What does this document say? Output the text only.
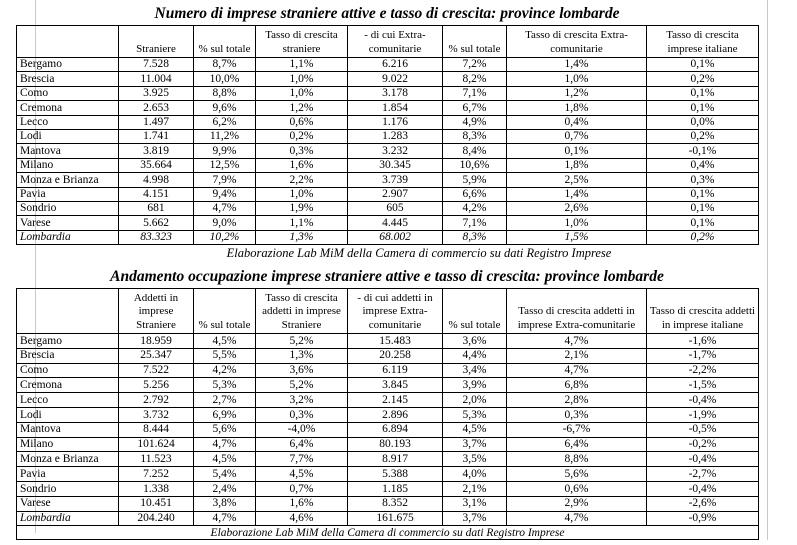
Numero di imprese straniere attive e tasso di crescita: province lombarde
	Straniere	% sul totale	Tasso di crescita straniere	- di cui Extra-comunitarie	% sul totale	Tasso di crescita Extra-comunitarie	Tasso di crescita imprese italiane
Bergamo	7.528	8,7%	1,1%	6.216	7,2%	1,4%	0,1%
Brescia	11.004	10,0%	1,0%	9.022	8,2%	1,0%	0,2%
Como	3.925	8,8%	1,0%	3.178	7,1%	1,2%	0,1%
Cremona	2.653	9,6%	1,2%	1.854	6,7%	1,8%	0,1%
Lecco	1.497	6,2%	0,6%	1.176	4,9%	0,4%	0,0%
Lodi	1.741	11,2%	0,2%	1.283	8,3%	0,7%	0,2%
Mantova	3.819	9,9%	0,3%	3.232	8,4%	0,1%	-0,1%
Milano	35.664	12,5%	1,6%	30.345	10,6%	1,8%	0,4%
Monza e Brianza	4.998	7,9%	2,2%	3.739	5,9%	2,5%	0,3%
Pavia	4.151	9,4%	1,0%	2.907	6,6%	1,4%	0,1%
Sondrio	681	4,7%	1,9%	605	4,2%	2,6%	0,1%
Varese	5.662	9,0%	1,1%	4.445	7,1%	1,0%	0,1%
Lombardia	83.323	10,2%	1,3%	68.002	8,3%	1,5%	0,2%
Elaborazione Lab MiM della Camera di commercio su dati Registro Imprese
Andamento occupazione imprese straniere attive e tasso di crescita: province lombarde
	Addetti in imprese Straniere	% sul totale	Tasso di crescita addetti in imprese Straniere	- di cui addetti in imprese Extra-comunitarie	% sul totale	Tasso di crescita addetti in imprese Extra-comunitarie	Tasso di crescita addetti in imprese italiane
Bergamo	18.959	4,5%	5,2%	15.483	3,6%	4,7%	-1,6%
Brescia	25.347	5,5%	1,3%	20.258	4,4%	2,1%	-1,7%
Como	7.522	4,2%	3,6%	6.119	3,4%	4,7%	-2,2%
Cremona	5.256	5,3%	5,2%	3.845	3,9%	6,8%	-1,5%
Lecco	2.792	2,7%	3,2%	2.145	2,0%	2,8%	-0,4%
Lodi	3.732	6,9%	0,3%	2.896	5,3%	0,3%	-1,9%
Mantova	8.444	5,6%	-4,0%	6.894	4,5%	-6,7%	-0,5%
Milano	101.624	4,7%	6,4%	80.193	3,7%	6,4%	-0,2%
Monza e Brianza	11.523	4,5%	7,7%	8.917	3,5%	8,8%	-0,4%
Pavia	7.252	5,4%	4,5%	5.388	4,0%	5,6%	-2,7%
Sondrio	1.338	2,4%	0,7%	1.185	2,1%	0,6%	-0,4%
Varese	10.451	3,8%	1,6%	8.352	3,1%	2,9%	-2,6%
Lombardia	204.240	4,7%	4,6%	161.675	3,7%	4,7%	-0,9%
Elaborazione Lab MiM della Camera di commercio su dati Registro Imprese							
